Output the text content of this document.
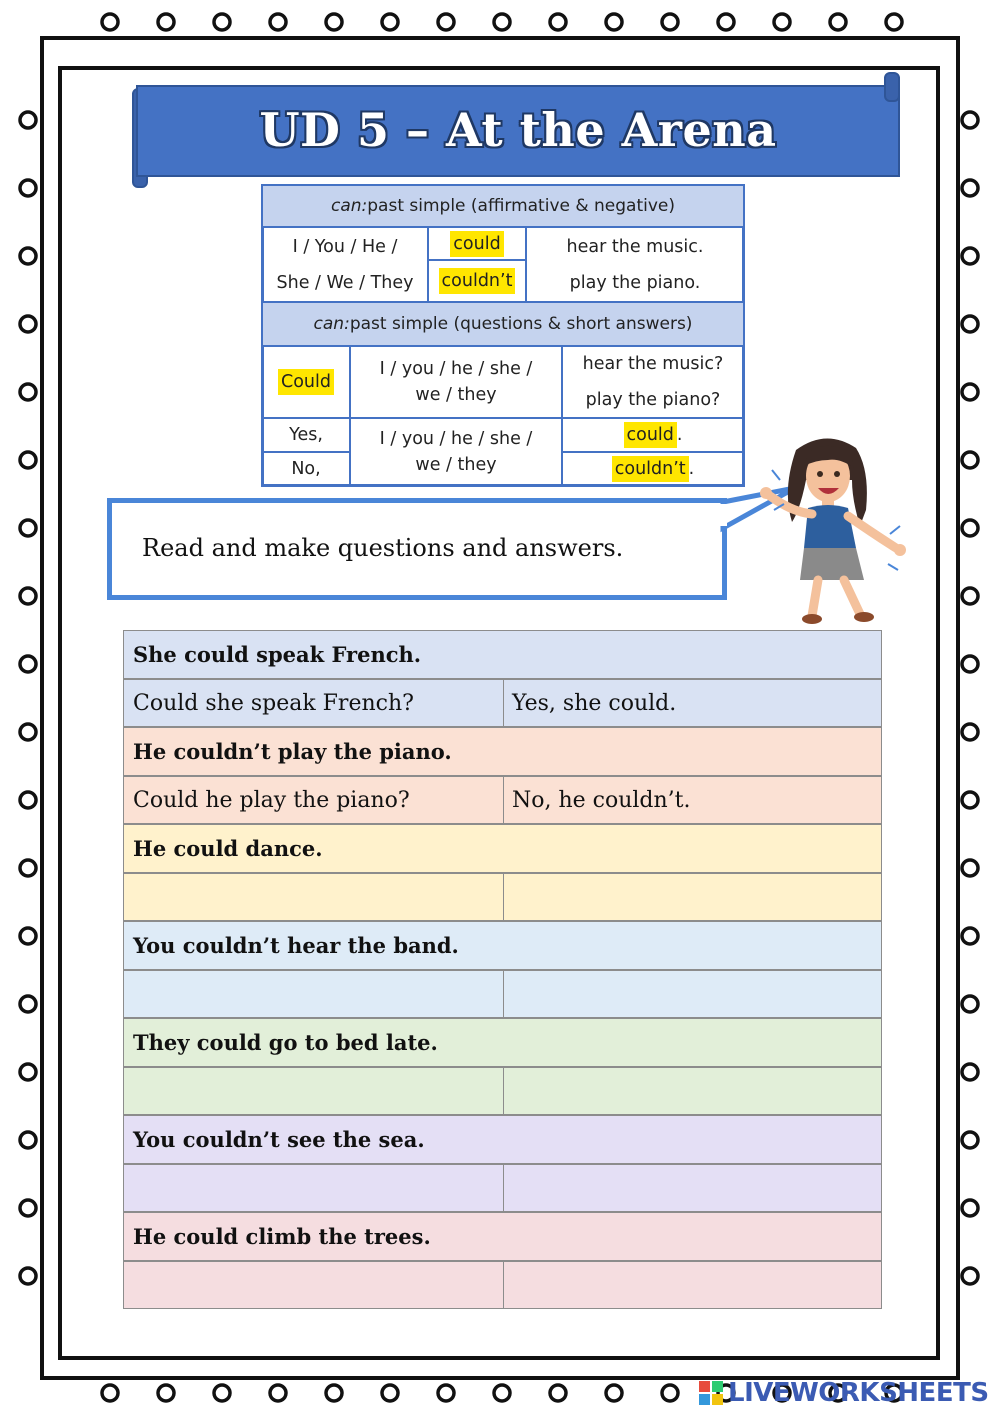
UD 5 – At the Arena
can: past simple (affirmative & negative)
I / You / He /
She / We / They
could
couldn’t
hear the music.
play the piano.
can: past simple (questions & short answers)
Could
I / you / he / she /
we / they
hear the music?
play the piano?
Yes,
No,
I / you / he / she /
we / they
could .
couldn’t .
Read and make questions and answers.
She could speak French.
Could she speak French?	Yes, she could.
He couldn’t play the piano.
Could he play the piano?	No, he couldn’t.
He could dance.
You couldn’t hear the band.
They could go to bed late.
You couldn’t see the sea.
He could climb the trees.
LIVEWORKSHEETS
